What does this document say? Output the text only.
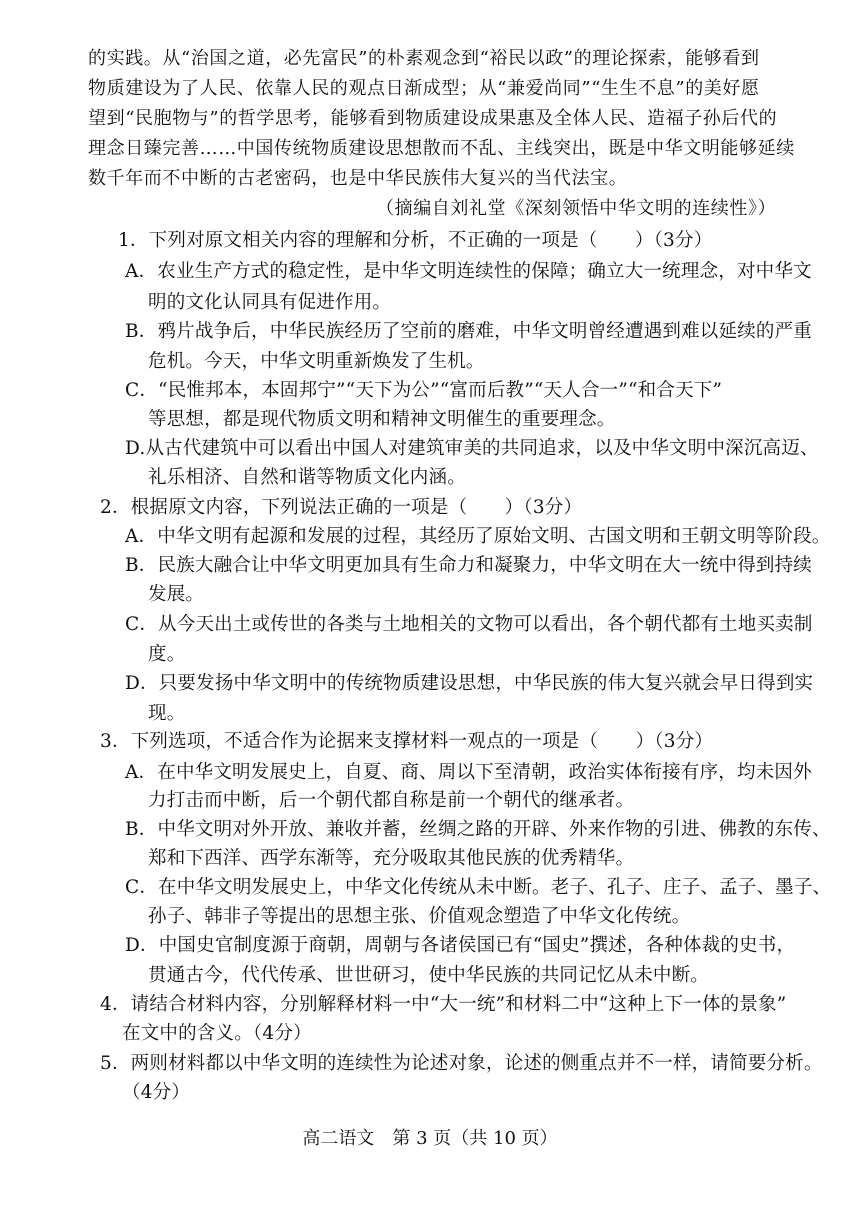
的实践。从“治国之道，必先富民”的朴素观念到“裕民以政”的理论探索，能够看到
物质建设为了人民、依靠人民的观点日渐成型；从“兼爱尚同”“生生不息”的美好愿
望到“民胞物与”的哲学思考，能够看到物质建设成果惠及全体人民、造福子孙后代的
理念日臻完善……中国传统物质建设思想散而不乱、主线突出，既是中华文明能够延续
数千年而不中断的古老密码，也是中华民族伟大复兴的当代法宝。
（摘编自刘礼堂《深刻领悟中华文明的连续性》）
1．下列对原文相关内容的理解和分析，不正确的一项是（　　）（3分）
A．农业生产方式的稳定性，是中华文明连续性的保障；确立大一统理念，对中华文
明的文化认同具有促进作用。
B．鸦片战争后，中华民族经历了空前的磨难，中华文明曾经遭遇到难以延续的严重
危机。今天，中华文明重新焕发了生机。
C．“民惟邦本，本固邦宁”“天下为公”“富而后教”“天人合一”“和合天下”
等思想，都是现代物质文明和精神文明催生的重要理念。
D.从古代建筑中可以看出中国人对建筑审美的共同追求，以及中华文明中深沉高迈、
礼乐相济、自然和谐等物质文化内涵。
2．根据原文内容，下列说法正确的一项是（　　）（3分）
A．中华文明有起源和发展的过程，其经历了原始文明、古国文明和王朝文明等阶段。
B．民族大融合让中华文明更加具有生命力和凝聚力，中华文明在大一统中得到持续
发展。
C．从今天出土或传世的各类与土地相关的文物可以看出，各个朝代都有土地买卖制
度。
D．只要发扬中华文明中的传统物质建设思想，中华民族的伟大复兴就会早日得到实
现。
3．下列选项，不适合作为论据来支撑材料一观点的一项是（　　）（3分）
A．在中华文明发展史上，自夏、商、周以下至清朝，政治实体衔接有序，均未因外
力打击而中断，后一个朝代都自称是前一个朝代的继承者。
B．中华文明对外开放、兼收并蓄，丝绸之路的开辟、外来作物的引进、佛教的东传、
郑和下西洋、西学东渐等，充分吸取其他民族的优秀精华。
C．在中华文明发展史上，中华文化传统从未中断。老子、孔子、庄子、孟子、墨子、
孙子、韩非子等提出的思想主张、价值观念塑造了中华文化传统。
D．中国史官制度源于商朝，周朝与各诸侯国已有“国史”撰述，各种体裁的史书，
贯通古今，代代传承、世世研习，使中华民族的共同记忆从未中断。
4．请结合材料内容，分别解释材料一中“大一统”和材料二中“这种上下一体的景象”
在文中的含义。（4分）
5．两则材料都以中华文明的连续性为论述对象，论述的侧重点并不一样，请简要分析。
（4分）
高二语文　第 3 页（共 10 页）
